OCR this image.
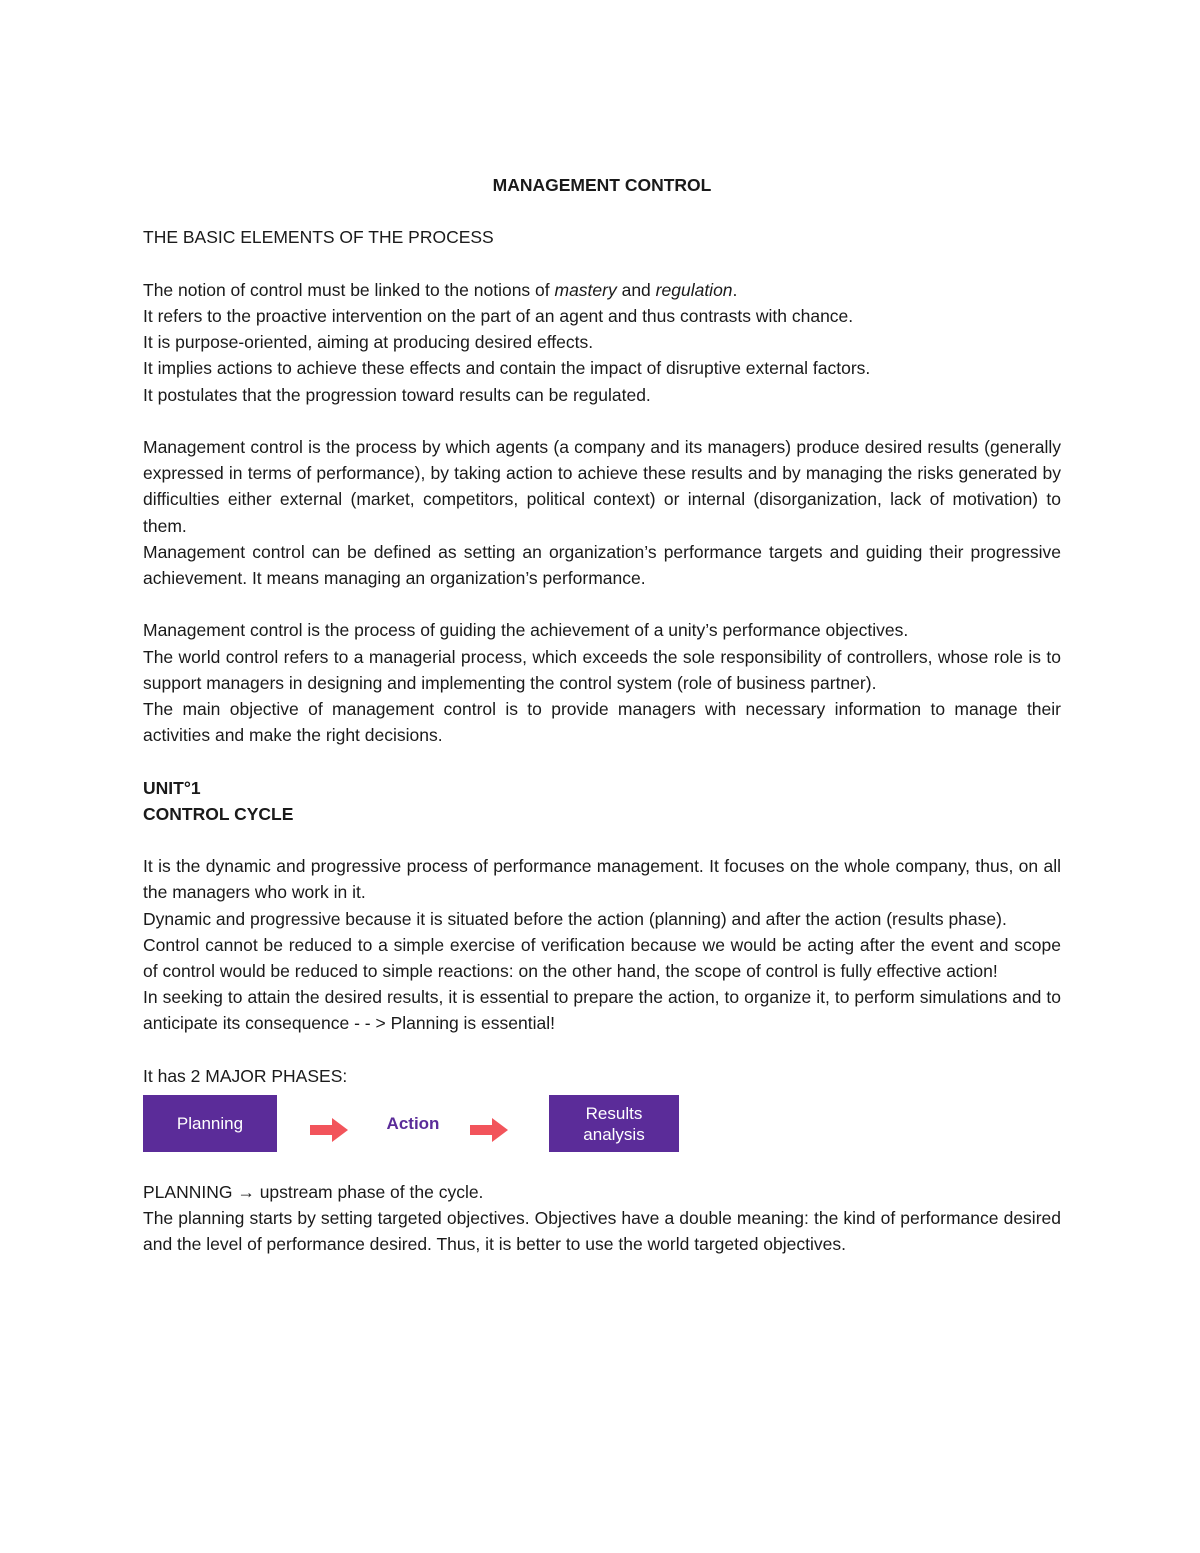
MANAGEMENT CONTROL
THE BASIC ELEMENTS OF THE PROCESS
The notion of control must be linked to the notions of mastery and regulation.
It refers to the proactive intervention on the part of an agent and thus contrasts with chance.
It is purpose-oriented, aiming at producing desired effects.
It implies actions to achieve these effects and contain the impact of disruptive external factors.
It postulates that the progression toward results can be regulated.
Management control is the process by which agents (a company and its managers) produce desired results (generally expressed in terms of performance), by taking action to achieve these results and by managing the risks generated by difficulties either external (market, competitors, political context) or internal (disorganization, lack of motivation) to them.
Management control can be defined as setting an organization’s performance targets and guiding their progressive achievement. It means managing an organization’s performance.
Management control is the process of guiding the achievement of a unity’s performance objectives.
The world control refers to a managerial process, which exceeds the sole responsibility of controllers, whose role is to support managers in designing and implementing the control system (role of business partner).
The main objective of management control is to provide managers with necessary information to manage their activities and make the right decisions.
UNIT°1
CONTROL CYCLE
It is the dynamic and progressive process of performance management. It focuses on the whole company, thus, on all the managers who work in it.
Dynamic and progressive because it is situated before the action (planning) and after the action (results phase).
Control cannot be reduced to a simple exercise of verification because we would be acting after the event and scope of control would be reduced to simple reactions: on the other hand, the scope of control is fully effective action!
In seeking to attain the desired results, it is essential to prepare the action, to organize it, to perform simulations and to anticipate its consequence - - > Planning is essential!
It has 2 MAJOR PHASES:
Planning	Action
Results
analysis
PLANNING → upstream phase of the cycle.
The planning starts by setting targeted objectives. Objectives have a double meaning: the kind of performance desired and the level of performance desired. Thus, it is better to use the world targeted objectives.
